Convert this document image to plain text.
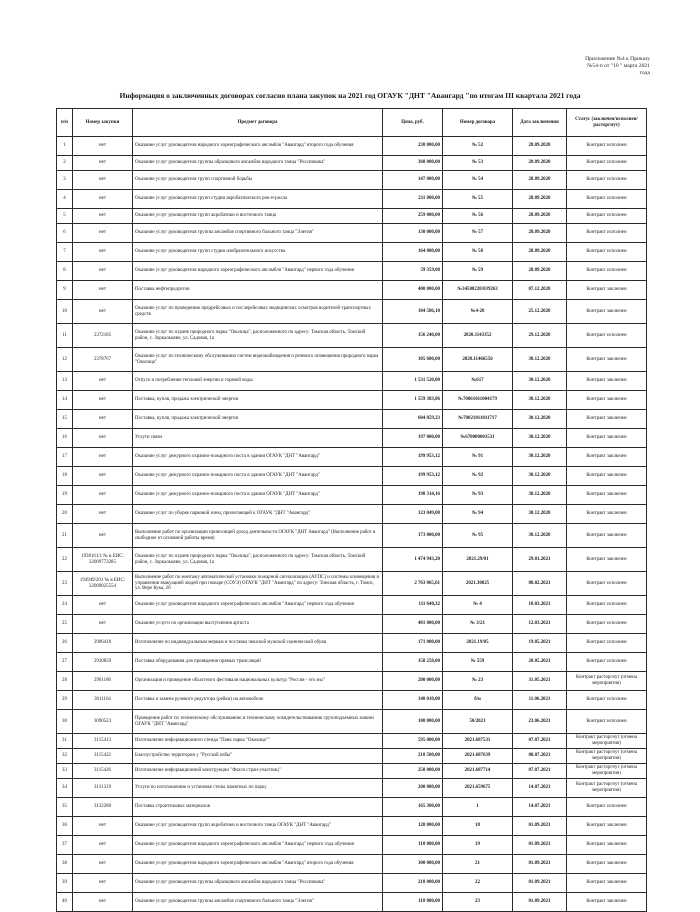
Приложение №4 к Приказу
№54-п от "10 " марта 2021
года
Информация о заключенных договорах согласно плана закупок на 2021 год ОГАУК "ДНТ "Авангард "по итогам III квартала 2021 года
п/п	Номер закупки	Предмет договора	Цена, руб.	Номер договора	Дата заключения	Статус (заключен/исполнен/расторгнут)
1	нет	Оказание услуг руководителя народного хореографического ансамбля "Авангард" второго года обучения	230 000,00	№ 52	28.09.2020	Контракт исполнен
2	нет	Оказание услуг руководителя группы образцового ансамбля народного танца "Россиюшка"	360 000,00	№ 53	28.09.2020	Контракт исполнен
3	нет	Оказание услуг руководителя групп спортивной борьбы	147 000,00	№ 54	28.09.2020	Контракт исполнен
4	нет	Оказание услуг руководителя групп студии акробатического рок-н-ролла	211 000,00	№ 55	28.09.2020	Контракт исполнен
5	нет	Оказание услуг руководителя групп акробатики и восточного танца	259 000,00	№ 56	28.09.2020	Контракт исполнен
6	нет	Оказание услуг руководителя группы ансамбля спортивного бального танца "Элегия"	130 000,00	№ 57	28.09.2020	Контракт исполнен
7	нет	Оказание услуг руководителя групп студии изобразительного искусства	164 000,00	№ 58	28.09.2020	Контракт исполнен
8	нет	Оказание услуг руководителя народного хореографического ансамбля "Авангард" первого года обучения	59 359,08	№ 59	28.09.2020	Контракт исполнен
9	нет	Поставка нефтепродуктов	400 000,00	№34500220/039263	07.12.2020	Контракт заключен
10	нет	Оказание услуг по проведению предрейсовых и послерейсовых медицинских осмотров водителей транспортных средств	104 586,10	№4-20	25.12.2020	Контракт заключен
11	2372185	Оказание услуг по охране природного парка "Околица", расположенного по адресу: Томская область, Томский район, с. Зоркальцево, ул. Садовая, 1а	156 240,00	2020.1143352	29.12.2020	Контракт исполнен
12	2378767	Оказание услуг по техническому обслуживанию систем видеонаблюдения и речевого оповещения природного парка "Околица"	105 600,00	2020.11466556	30.12.2020	Контракт заключен
13	нет	Отпуск и потребление тепловой энергии и горячей воды	1 531 520,00	№617	30.12.2020	Контракт заключен
14	нет	Поставка, купля, продажа электрической энергии	1 559 383,86	№70061011004179	30.12.2020	Контракт заключен
15	нет	Поставка, купля, продажа электрической энергии	604 859,23	№70021011011717	30.12.2020	Контракт заключен
16	нет	Услуги связи	197 000,00	№670000001531	30.12.2020	Контракт заключен
17	нет	Оказание услуг дежурного охранно-пожарного поста в здании ОГАУК "ДНТ "Авангард"	199 953,12	№ 91	30.12.2020	Контракт заключен
18	нет	Оказание услуг дежурного охранно-пожарного поста в здании ОГАУК "ДНТ "Авангард"	199 953,12	№ 92	30.12.2020	Контракт заключен
19	нет	Оказание услуг дежурного охранно-пожарного поста в здании ОГАУК "ДНТ "Авангард"	198 314,16	№ 93	30.12.2020	Контракт заключен
20	нет	Оказание услуг по уборке парковой зоны, прилегающей к ОГАУК "ДНТ "Авангард"	123 049,08	№ 94	30.12.2020	Контракт заключен
21	нет	Выполнение работ по организации приносящей доход деятельности ОГАУК "ДНТ Авангард" (Выполнение работ в свободное от основной работы время)	173 000,00	№ 95	30.12.2020	Контракт заключен
22	1938161/1 № в ЕИС: 32009773285	Оказание услуг по охране природного парка "Околица", расположенного по адресу: Томская область, Томский район, с. Зоркальцево, ул. Садовая, 1а	1 474 943,20	2021.29/01	29.01.2021	Контракт заключен
23	194949/201 № в ЕИС: 32009825554	Выполнение работ по монтажу автоматической установки пожарной сигнализации (АУПС) и системы оповещения и управления эвакуацией людей при пожаре (СОУЭ) ОГАУК "ДНТ "Авангард" по адресу: Томская область, г. Томск, ул. Вере Кука, 20	2 763 065,61	2021.30025	08.02.2021	Контракт исполнен
24	нет	Оказание услуг руководителя народного хореографического ансамбля "Авангард" первого года обучения	111 640,32	№ 4	10.03.2021	Контракт исполнен
25	нет	Оказание услуги по организации выступления артиста	481 000,00	№ 3/21	12.03.2021	Контракт исполнен
26	2906418	Изготовление по индивидуальным меркам и поставка чешской мужской сценической обуви	171 000,00	2021.19/05	19.05.2021	Контракт исполнен
27	2930859	Поставка оборудования для проведения прямых трансляций	158 258,00	№ 559	20.05.2021	Контракт исполнен
28	2961186	Организация и проведение областного фестиваля национальных культур "Россия - это мы"	200 000,00	№ 23	31.05.2021	Контракт расторгнут (отмена мероприятия)
29	3011164	Поставка и замена рулевого редуктора (рейки) на автомобиле	140 010,00	б/н	11.06.2021	Контракт исполнен
30	3090523	Проведение работ по техническому обслуживанию и техническому освидетельствованию грузоподъемных машин ОГАУК "ДНТ "Авангард"	100 000,00	50/2021	23.06.2021	Контракт исполнен
31	3115413	Изготовление информационного стенда "Панк парка "Околица""	595 000,00	2021.687531	07.07.2021	Контракт расторгнут (отмена мероприятия)
32	3115422	Благоустройство территории у "Русской избы"	218 500,00	2021.687639	08.07.2021	Контракт расторгнут (отмена мероприятия)
33	3115426	Изготовление информационной конструкции "Флаги стран-участниц"	250 000,00	2021.687714	07.07.2021	Контракт расторгнут (отмена мероприятия)
34	3131319	Услуги по изготовлению и установке стелы памятных по парку	200 000,00	2021.659675	14.07.2021	Контракт расторгнут (отмена мероприятия)
35	3132280	Поставка строительных материалов	165 300,00	1	14.07.2021	Контракт исполнен
36	нет	Оказание услуг руководителя групп акробатики и восточного танца ОГАУК "ДНТ "Авангард"	120 000,00	18	01.09.2021	Контракт заключен
37	нет	Оказание услуг руководителя народного хореографического ансамбля "Авангард" первого года обучения	110 000,00	19	01.09.2021	Контракт заключен
38	нет	Оказание услуг руководителя народного хореографического ансамбля "Авангард" второго года обучения	300 000,00	21	01.09.2021	Контракт заключен
39	нет	Оказание услуг руководителя группы образцового ансамбля народного танца "Россиюшка"	210 000,00	22	01.09.2021	Контракт заключен
40	нет	Оказание услуг руководителя группы ансамбля спортивного бального танца "Элегия"	110 000,00	23	01.09.2021	Контракт заключен
